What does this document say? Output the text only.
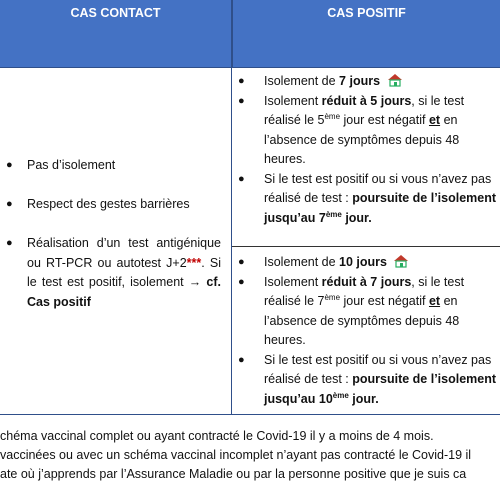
CAS CONTACT	CAS POSITIF
● Pas d’isolement
● Respect des gestes barrières
● Réalisation d’un test antigénique ou RT-PCR ou autotest J+2***. Si le test est positif, isolement → cf. Cas positif
● Isolement de 7 jours
● Isolement réduit à 5 jours, si le test réalisé le 5ème jour est négatif et en l’absence de symptômes depuis 48 heures.
● Si le test est positif ou si vous n’avez pas réalisé de test : poursuite de l’isolement jusqu’au 7ème jour.
● Isolement de 10 jours
● Isolement réduit à 7 jours, si le test réalisé le 7ème jour est négatif et en l’absence de symptômes depuis 48 heures.
● Si le test est positif ou si vous n’avez pas réalisé de test : poursuite de l’isolement jusqu’au 10ème jour.
chéma vaccinal complet ou ayant contracté le Covid-19 il y a moins de 4 mois.
vaccinées ou avec un schéma vaccinal incomplet n’ayant pas contracté le Covid-19 il
ate où j’apprends par l’Assurance Maladie ou par la personne positive que je suis ca
